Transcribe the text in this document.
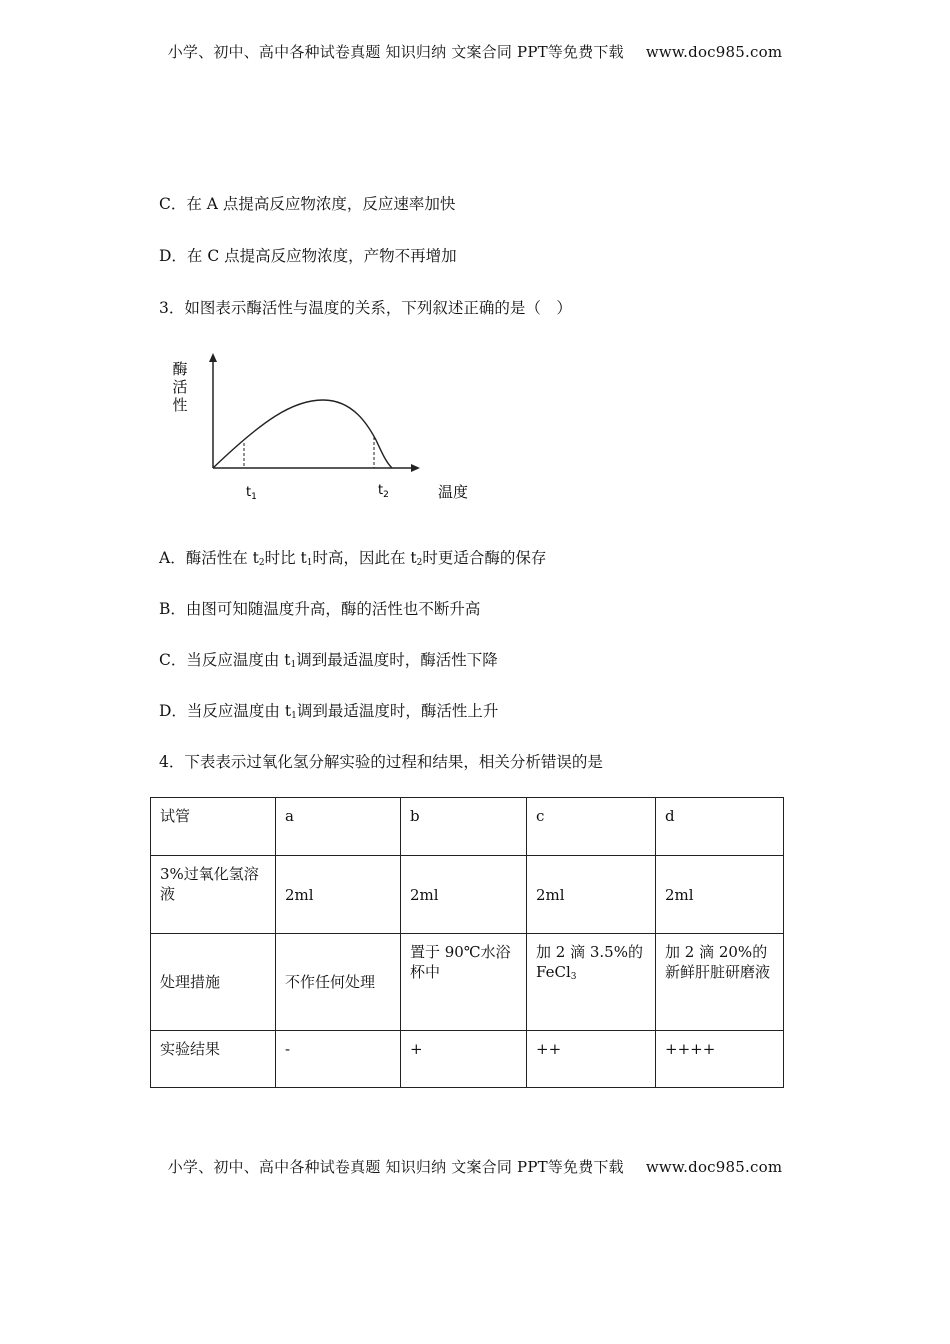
小学、初中、高中各种试卷真题 知识归纳 文案合同 PPT等免费下载 www.doc985.com
C．在 A 点提高反应物浓度，反应速率加快
D．在 C 点提高反应物浓度，产物不再增加
3．如图表示酶活性与温度的关系，下列叙述正确的是（　）
酶
活
性
$t_1$	$t_2$	温度
A．酶活性在 $t_2$时比 $t_1$时高，因此在 $t_2$时更适合酶的保存
B．由图可知随温度升高，酶的活性也不断升高
C．当反应温度由 $t_1$调到最适温度时，酶活性下降
D．当反应温度由 $t_1$调到最适温度时，酶活性上升
4．下表表示过氧化氢分解实验的过程和结果，相关分析错误的是
试管	a	b	c	d
3%过氧化氢溶液	2ml	2ml	2ml	2ml
处理措施	不作任何处理	置于 90℃水浴杯中	加 2 滴 3.5%的FeCl$_3$	加 2 滴 20%的新鲜肝脏研磨液
实验结果	-	+	++	++++
小学、初中、高中各种试卷真题 知识归纳 文案合同 PPT等免费下载 www.doc985.com
